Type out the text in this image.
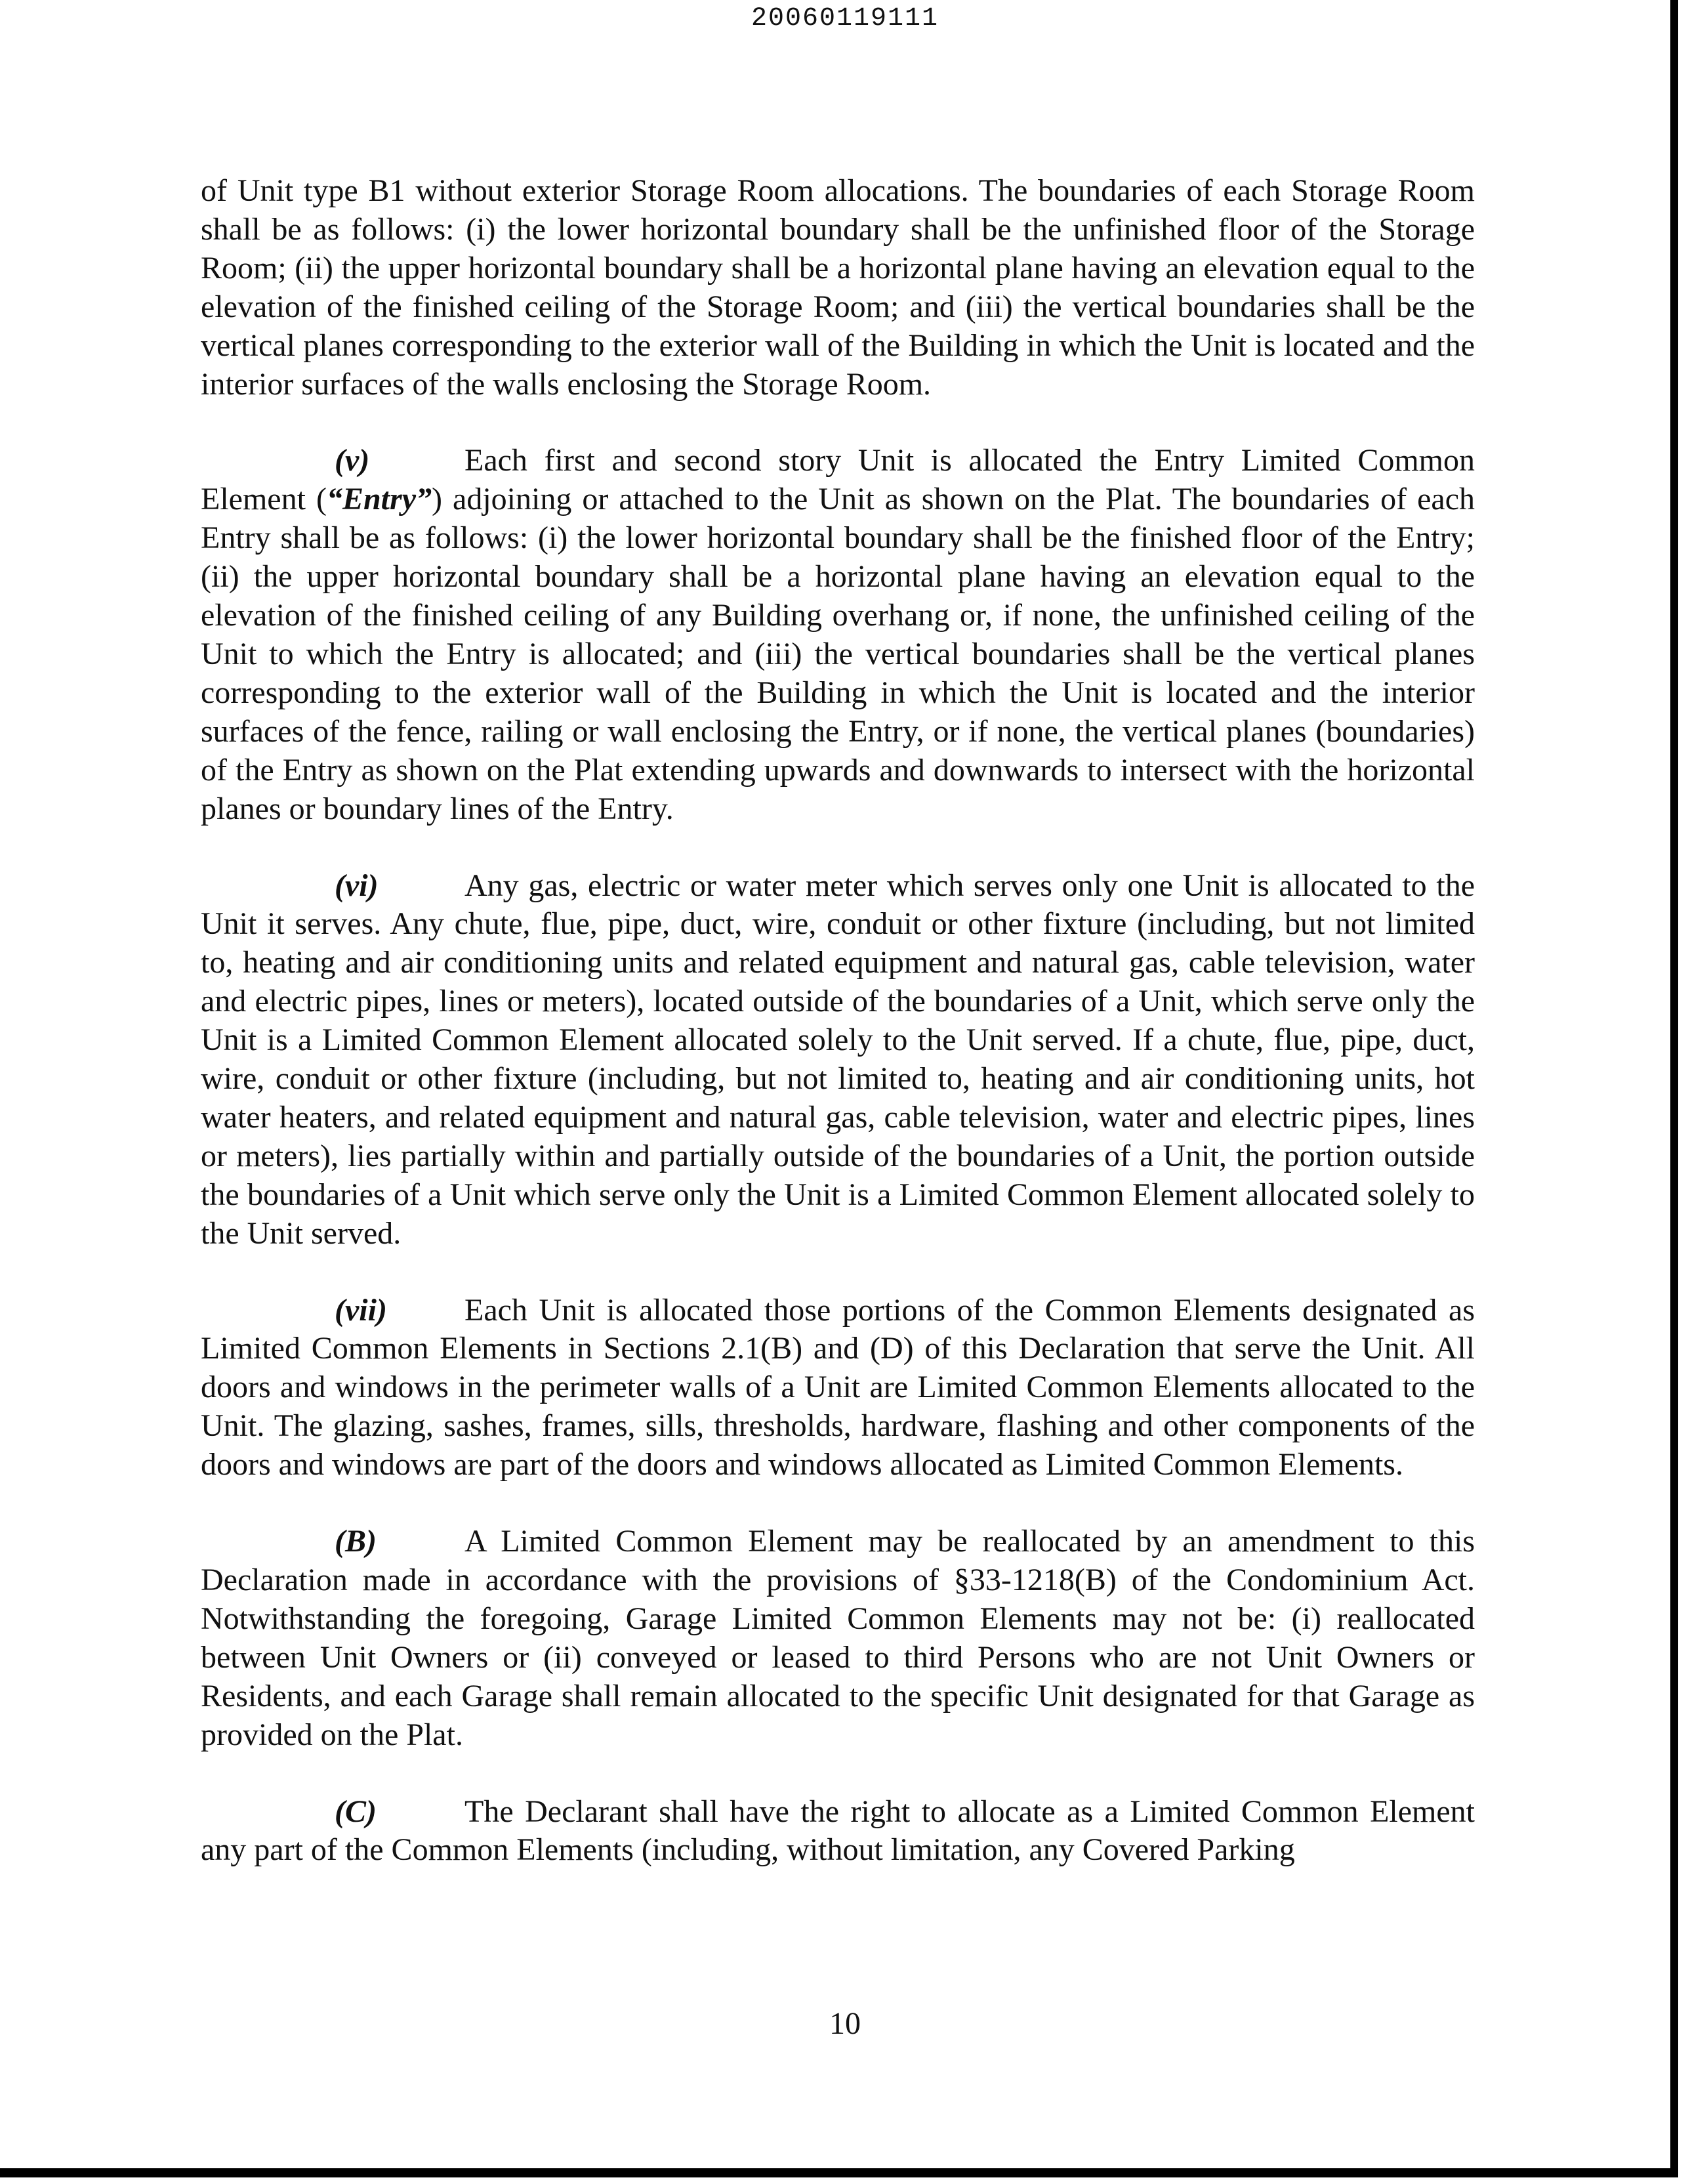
20060119111

of Unit type B1 without exterior Storage Room allocations. The boundaries of each Storage Room shall be as follows: (i) the lower horizontal boundary shall be the unfinished floor of the Storage Room; (ii) the upper horizontal boundary shall be a horizontal plane having an elevation equal to the elevation of the finished ceiling of the Storage Room; and (iii) the vertical boundaries shall be the vertical planes corresponding to the exterior wall of the Building in which the Unit is located and the interior surfaces of the walls enclosing the Storage Room.

(v)	Each first and second story Unit is allocated the Entry Limited Common Element (“Entry”) adjoining or attached to the Unit as shown on the Plat. The boundaries of each Entry shall be as follows: (i) the lower horizontal boundary shall be the finished floor of the Entry; (ii) the upper horizontal boundary shall be a horizontal plane having an elevation equal to the elevation of the finished ceiling of any Building overhang or, if none, the unfinished ceiling of the Unit to which the Entry is allocated; and (iii) the vertical boundaries shall be the vertical planes corresponding to the exterior wall of the Building in which the Unit is located and the interior surfaces of the fence, railing or wall enclosing the Entry, or if none, the vertical planes (boundaries) of the Entry as shown on the Plat extending upwards and downwards to intersect with the horizontal planes or boundary lines of the Entry.

(vi)	Any gas, electric or water meter which serves only one Unit is allocated to the Unit it serves. Any chute, flue, pipe, duct, wire, conduit or other fixture (including, but not limited to, heating and air conditioning units and related equipment and natural gas, cable television, water and electric pipes, lines or meters), located outside of the boundaries of a Unit, which serve only the Unit is a Limited Common Element allocated solely to the Unit served. If a chute, flue, pipe, duct, wire, conduit or other fixture (including, but not limited to, heating and air conditioning units, hot water heaters, and related equipment and natural gas, cable television, water and electric pipes, lines or meters), lies partially within and partially outside of the boundaries of a Unit, the portion outside the boundaries of a Unit which serve only the Unit is a Limited Common Element allocated solely to the Unit served.

(vii) Each Unit is allocated those portions of the Common Elements designated as Limited Common Elements in Sections 2.1(B) and (D) of this Declaration that serve the Unit. All doors and windows in the perimeter walls of a Unit are Limited Common Elements allocated to the Unit. The glazing, sashes, frames, sills, thresholds, hardware, flashing and other components of the doors and windows are part of the doors and windows allocated as Limited Common Elements.

(B)	A Limited Common Element may be reallocated by an amendment to this Declaration made in accordance with the provisions of §33-1218(B) of the Condominium Act. Notwithstanding the foregoing, Garage Limited Common Elements may not be: (i) reallocated between Unit Owners or (ii) conveyed or leased to third Persons who are not Unit Owners or Residents, and each Garage shall remain allocated to the specific Unit designated for that Garage as provided on the Plat.

(C)	The Declarant shall have the right to allocate as a Limited Common Element any part of the Common Elements (including, without limitation, any Covered Parking

10
